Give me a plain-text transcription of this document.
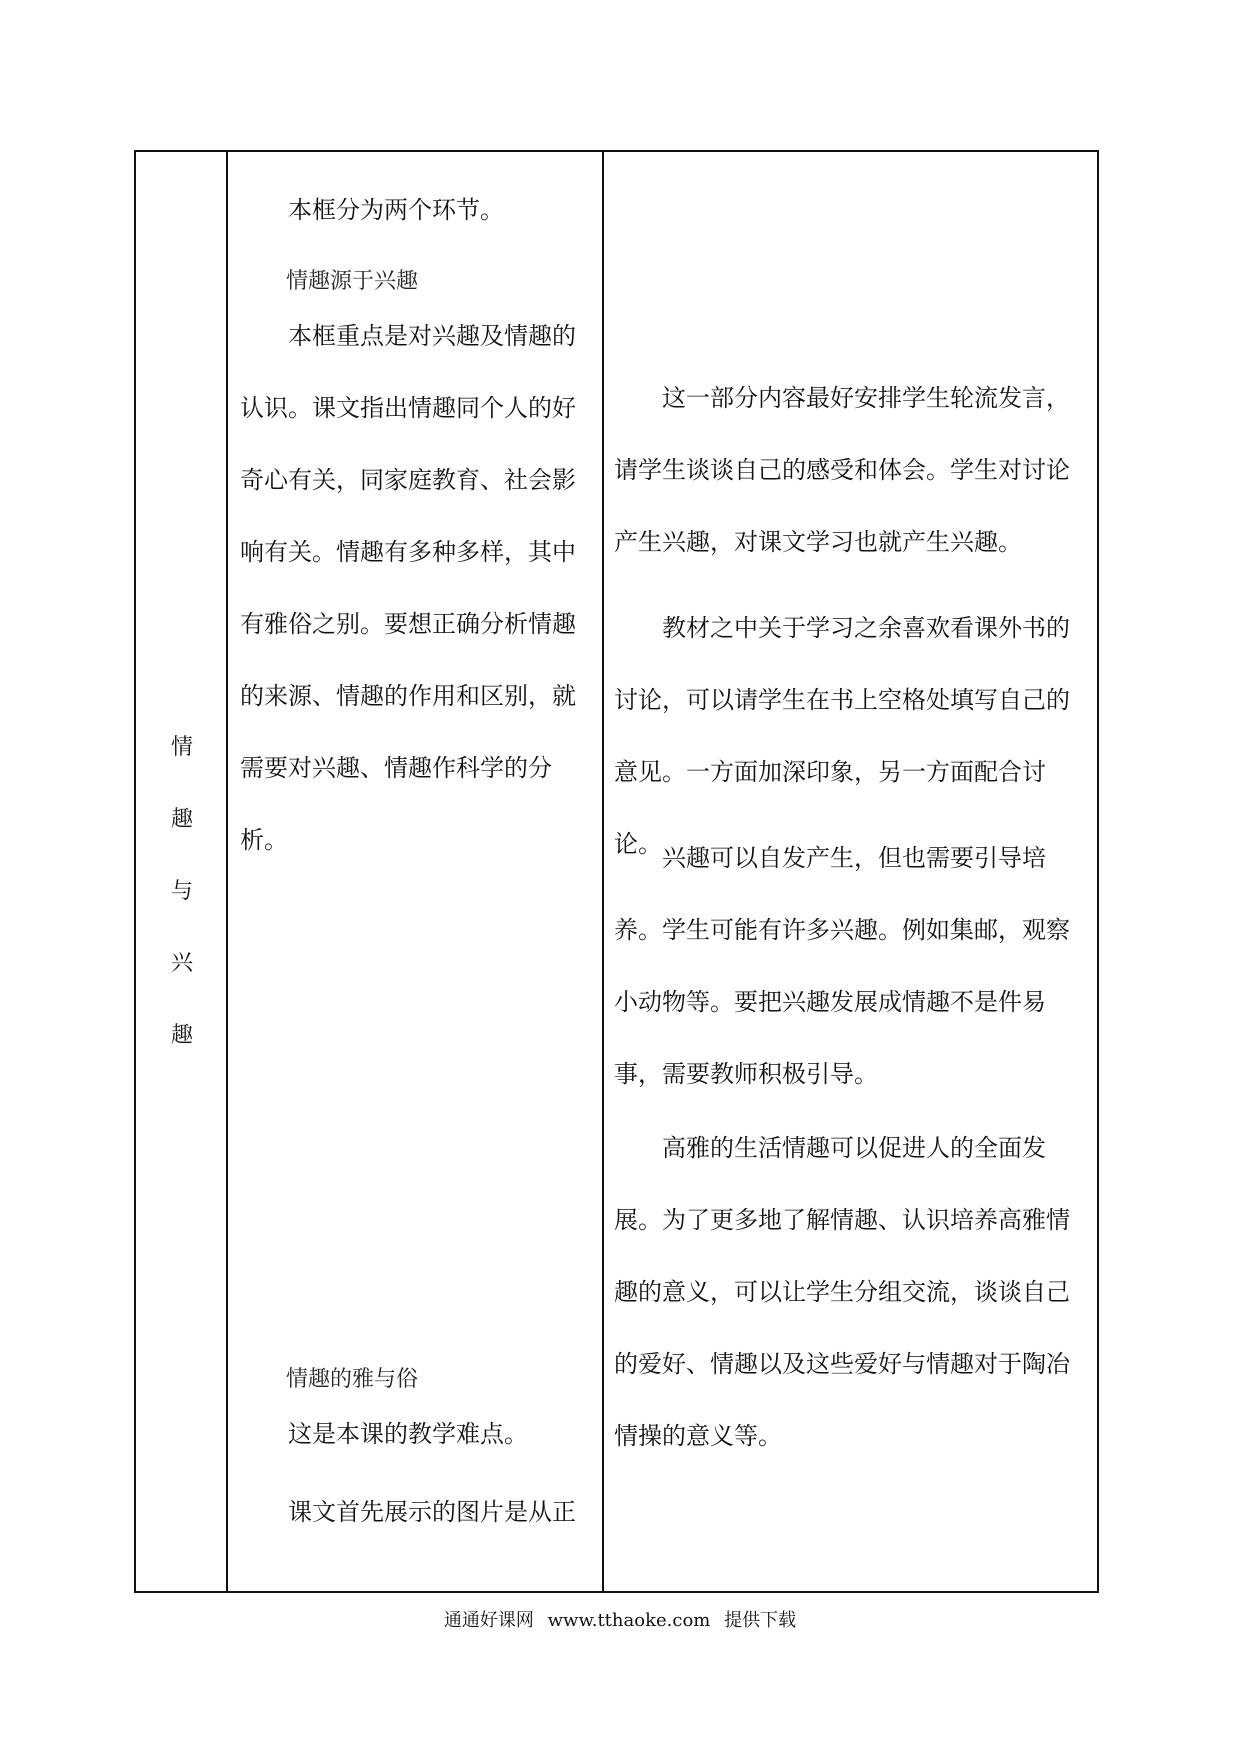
情
趣
与
兴
趣

本框分为两个环节。

情趣源于兴趣

本框重点是对兴趣及情趣的认识。课文指出情趣同个人的好奇心有关，同家庭教育、社会影响有关。情趣有多种多样，其中有雅俗之别。要想正确分析情趣的来源、情趣的作用和区别，就需要对兴趣、情趣作科学的分析。

情趣的雅与俗

这是本课的教学难点。

课文首先展示的图片是从正

这一部分内容最好安排学生轮流发言，请学生谈谈自己的感受和体会。学生对讨论产生兴趣，对课文学习也就产生兴趣。

教材之中关于学习之余喜欢看课外书的讨论，可以请学生在书上空格处填写自己的意见。一方面加深印象，另一方面配合讨论。 兴趣可以自发产生，但也需要引导培养。学生可能有许多兴趣。例如集邮，观察小动物等。要把兴趣发展成情趣不是件易事，需要教师积极引导。

高雅的生活情趣可以促进人的全面发展。为了更多地了解情趣、认识培养高雅情趣的意义，可以让学生分组交流，谈谈自己的爱好、情趣以及这些爱好与情趣对于陶冶情操的意义等。

通通好课网 www.tthaoke.com 提供下载
